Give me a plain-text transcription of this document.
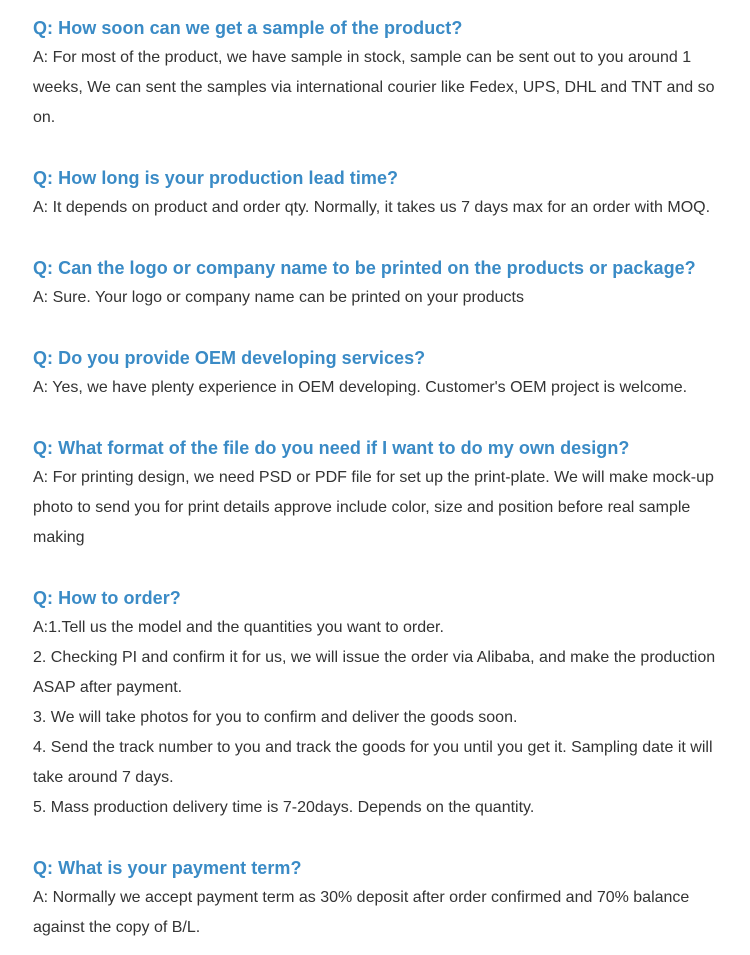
Q: How soon can we get a sample of the product?

A: For most of the product, we have sample in stock, sample can be sent out to you around 1 weeks, We can sent the samples via international courier like Fedex, UPS, DHL and TNT and so on.

Q: How long is your production lead time?

A: It depends on product and order qty. Normally, it takes us 7 days max for an order with MOQ.

Q: Can the logo or company name to be printed on the products or package?

A: Sure. Your logo or company name can be printed on your products

Q: Do you provide OEM developing services?

A: Yes, we have plenty experience in OEM developing. Customer's OEM project is welcome.

Q: What format of the file do you need if I want to do my own design?

A: For printing design, we need PSD or PDF file for set up the print-plate. We will make mock-up photo to send you for print details approve include color, size and position before real sample making

Q: How to order?

A:1.Tell us the model and the quantities you want to order.

2. Checking PI and confirm it for us, we will issue the order via Alibaba, and make the production ASAP after payment.

3. We will take photos for you to confirm and deliver the goods soon.

4. Send the track number to you and track the goods for you until you get it. Sampling date it will take around 7 days.

5. Mass production delivery time is 7-20days. Depends on the quantity.

Q: What is your payment term?

A: Normally we accept payment term as 30% deposit after order confirmed and 70% balance against the copy of B/L.
